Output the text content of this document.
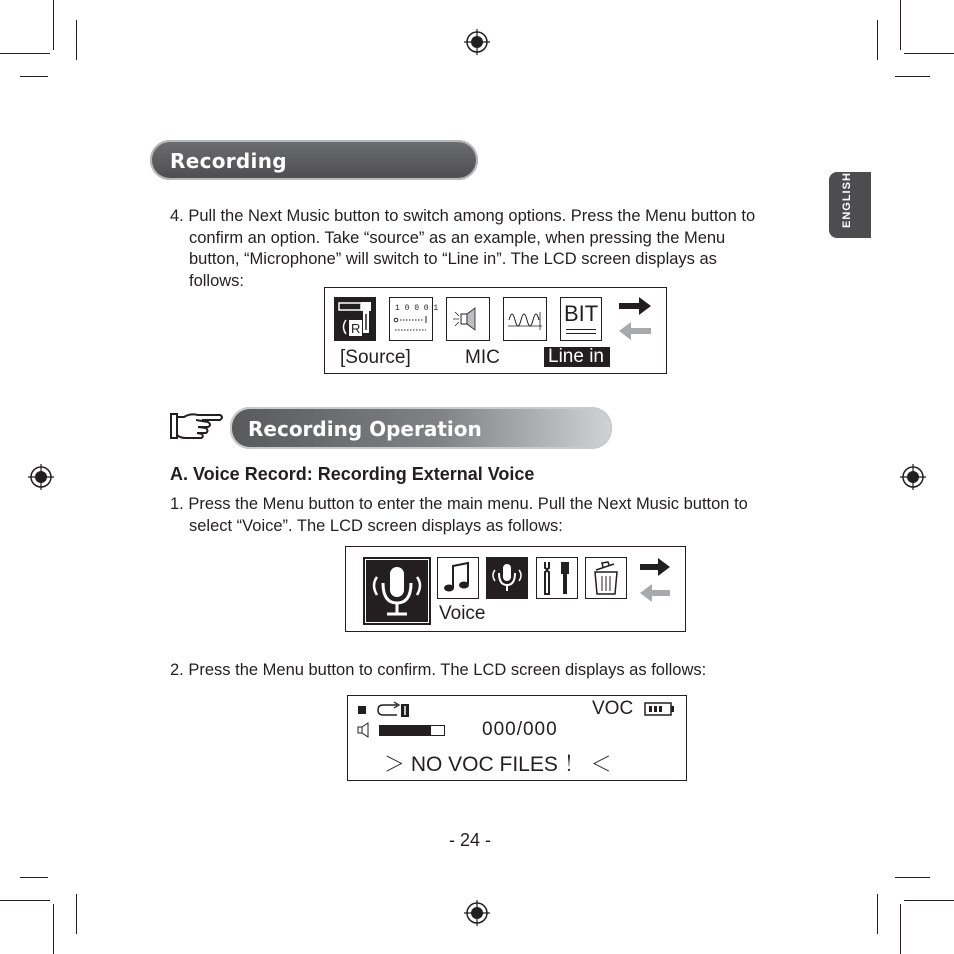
ENGLISH
Recording
4. Pull the Next Music button to switch among options. Press the Menu button to
confirm an option. Take “source” as an example, when pressing the Menu
button, “Microphone” will switch to “Line in”. The LCD screen displays as
follows:
R
1 0 0 0 1	BIT
[Source]	MIC	Line in
Recording Operation
A. Voice Record: Recording External Voice
1. Press the Menu button to enter the main menu. Pull the Next Music button to
select “Voice”. The LCD screen displays as follows:
Voice
2. Press the Menu button to confirm. The LCD screen displays as follows:
VOC
000/000
＞ NO VOC FILES ！ ＜
- 24 -
